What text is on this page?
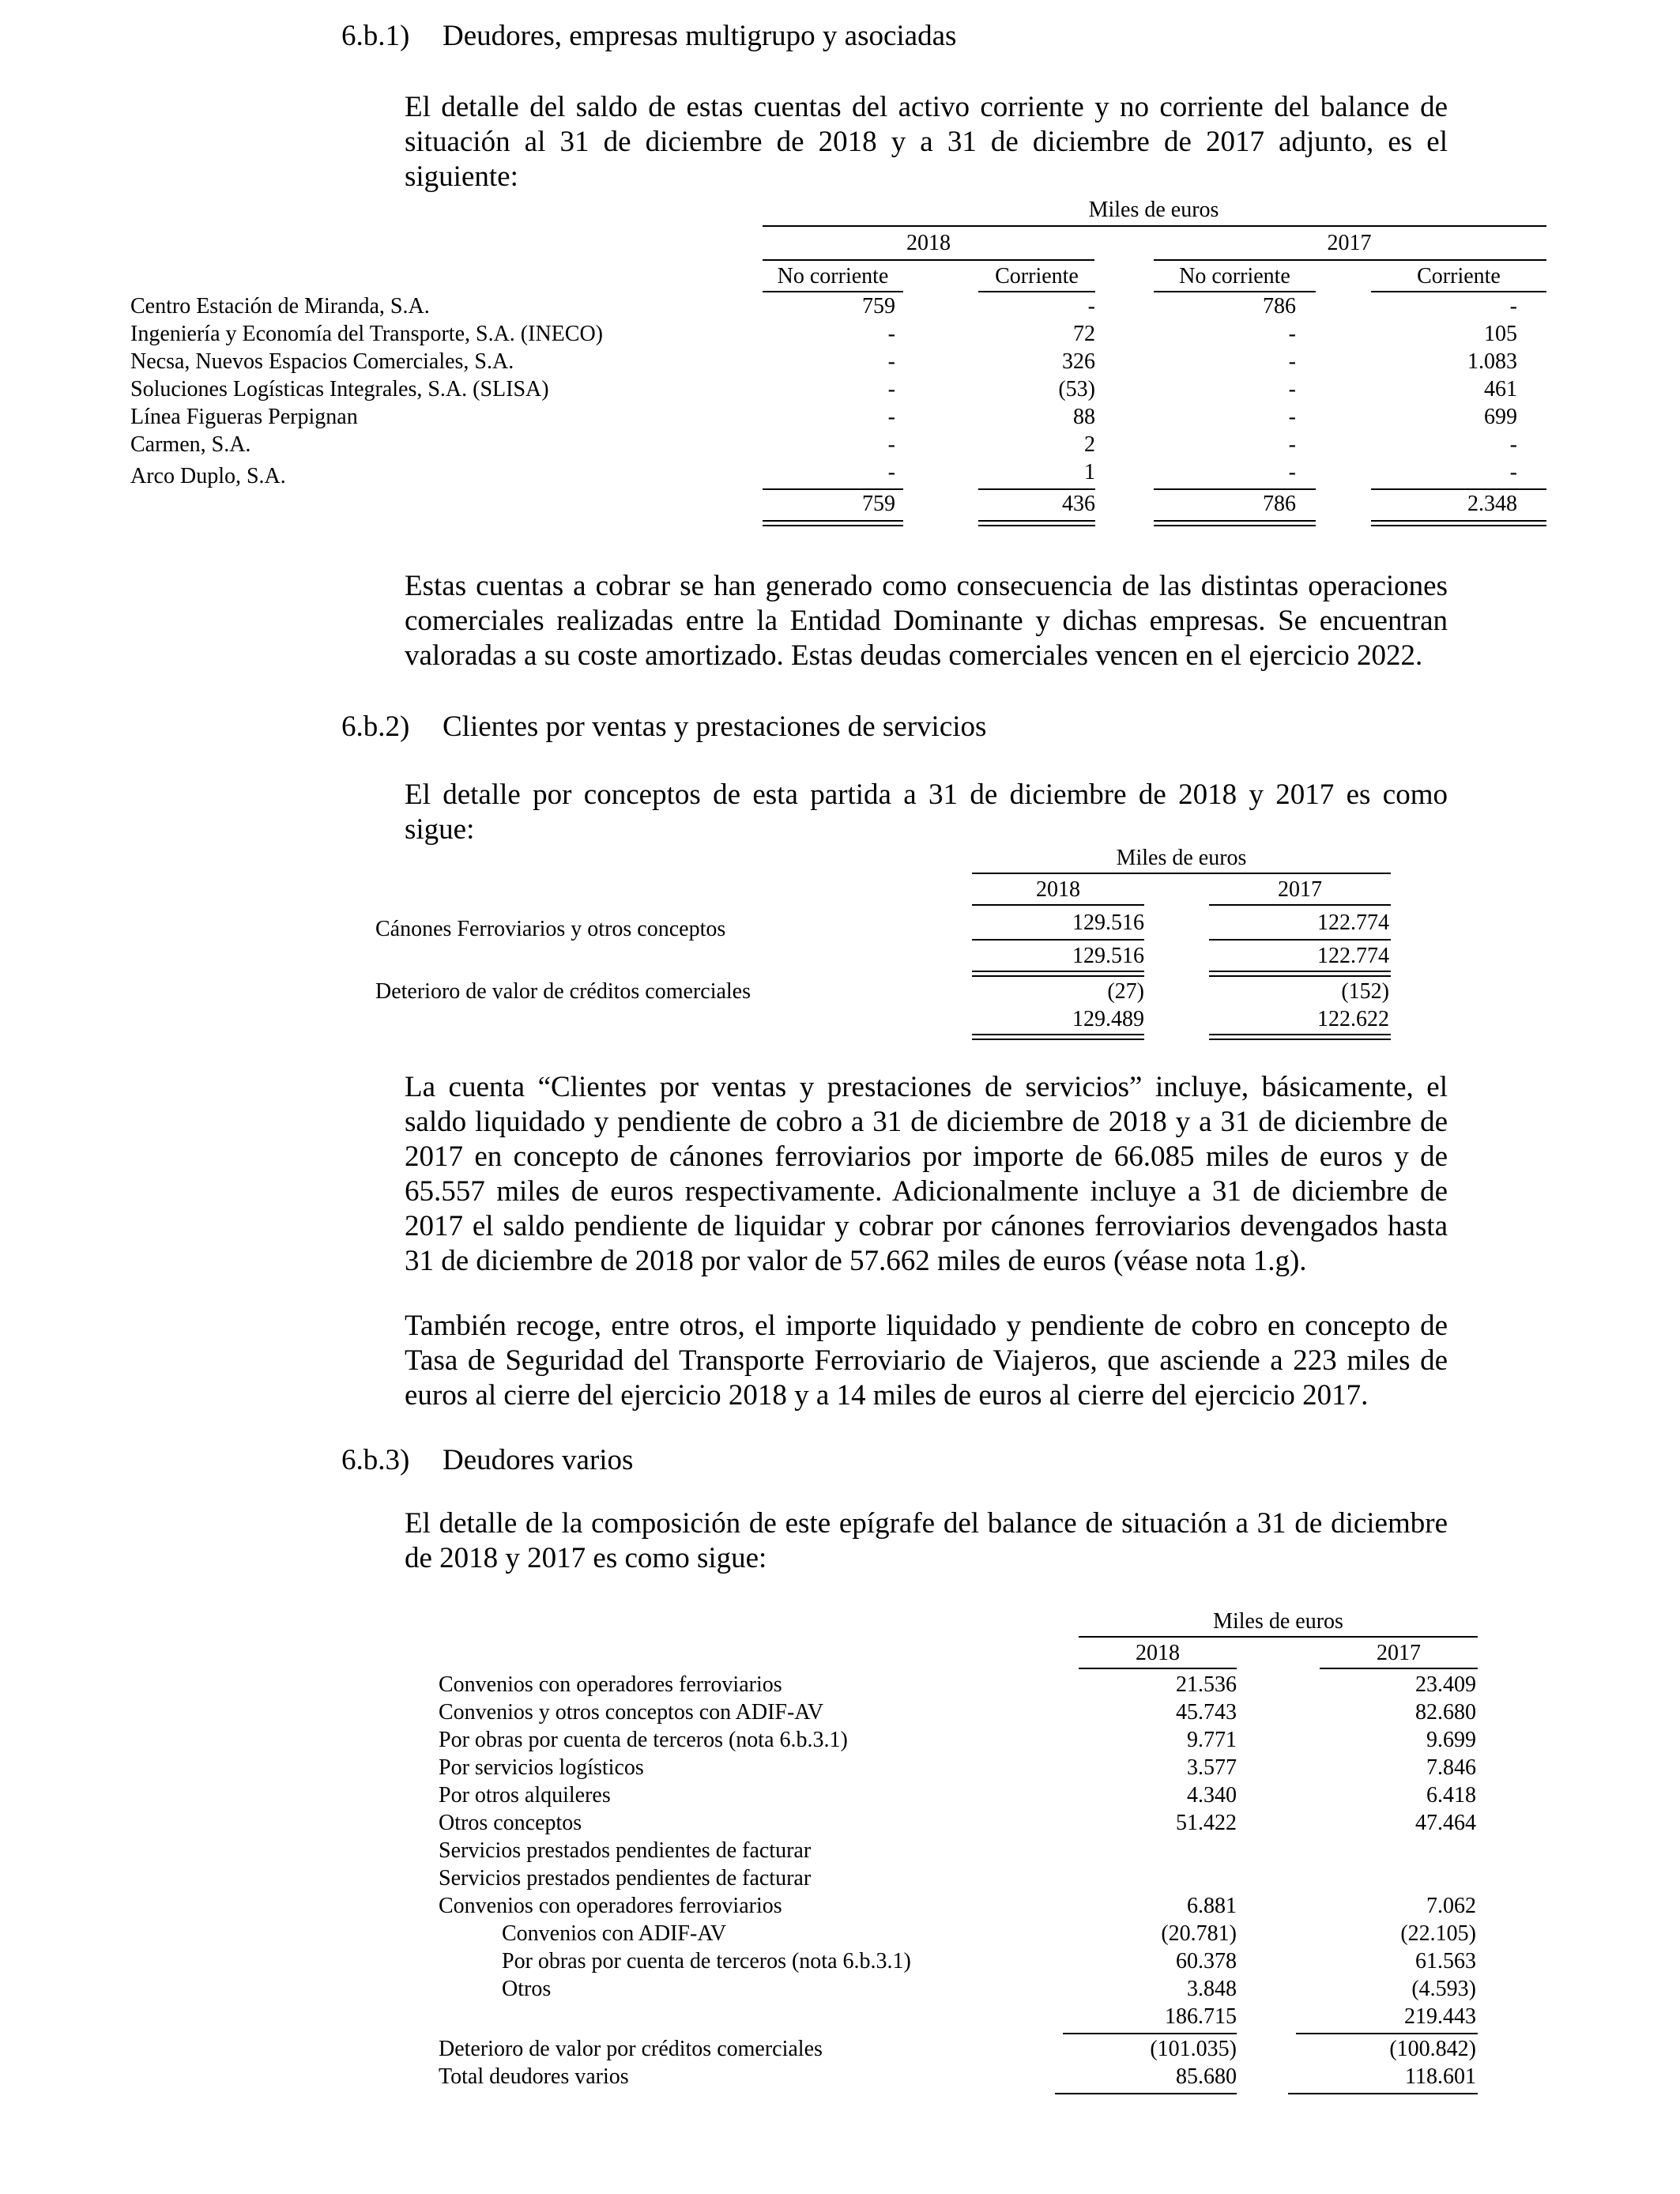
6.b.1) Deudores, empresas multigrupo y asociadas

El detalle del saldo de estas cuentas del activo corriente y no corriente del balance de situación al 31 de diciembre de 2018 y a 31 de diciembre de 2017 adjunto, es el siguiente:

Miles de euros
2018	2017
No corriente	Corriente	No corriente	Corriente
Centro Estación de Miranda, S.A.	759	-	786	-
Ingeniería y Economía del Transporte, S.A. (INECO)	-	72	-	105
Necsa, Nuevos Espacios Comerciales, S.A.	-	326	-	1.083
Soluciones Logísticas Integrales, S.A. (SLISA)	-	(53)	-	461
Línea Figueras Perpignan	-	88	-	699
Carmen, S.A.	-	2	-	-
Arco Duplo, S.A.	-	1	-	-
759	436	786	2.348

Estas cuentas a cobrar se han generado como consecuencia de las distintas operaciones comerciales realizadas entre la Entidad Dominante y dichas empresas. Se encuentran valoradas a su coste amortizado. Estas deudas comerciales vencen en el ejercicio 2022.

6.b.2) Clientes por ventas y prestaciones de servicios

El detalle por conceptos de esta partida a 31 de diciembre de 2018 y 2017 es como sigue:

Miles de euros
2018	2017
Cánones Ferroviarios y otros conceptos	129.516	122.774
129.516	122.774
Deterioro de valor de créditos comerciales	(27)	(152)
129.489	122.622

La cuenta “Clientes por ventas y prestaciones de servicios” incluye, básicamente, el saldo liquidado y pendiente de cobro a 31 de diciembre de 2018 y a 31 de diciembre de 2017 en concepto de cánones ferroviarios por importe de 66.085 miles de euros y de 65.557 miles de euros respectivamente. Adicionalmente incluye a 31 de diciembre de 2017 el saldo pendiente de liquidar y cobrar por cánones ferroviarios devengados hasta 31 de diciembre de 2018 por valor de 57.662 miles de euros (véase nota 1.g).

También recoge, entre otros, el importe liquidado y pendiente de cobro en concepto de Tasa de Seguridad del Transporte Ferroviario de Viajeros, que asciende a 223 miles de euros al cierre del ejercicio 2018 y a 14 miles de euros al cierre del ejercicio 2017.

6.b.3) Deudores varios

El detalle de la composición de este epígrafe del balance de situación a 31 de diciembre de 2018 y 2017 es como sigue:

Miles de euros
2018	2017
Convenios con operadores ferroviarios	21.536	23.409
Convenios y otros conceptos con ADIF-AV	45.743	82.680
Por obras por cuenta de terceros (nota 6.b.3.1)	9.771	9.699
Por servicios logísticos	3.577	7.846
Por otros alquileres	4.340	6.418
Otros conceptos	51.422	47.464
Servicios prestados pendientes de facturar
Servicios prestados pendientes de facturar
Convenios con operadores ferroviarios	6.881	7.062
Convenios con ADIF-AV	(20.781)	(22.105)
Por obras por cuenta de terceros (nota 6.b.3.1)	60.378	61.563
Otros	3.848	(4.593)
186.715	219.443
Deterioro de valor por créditos comerciales	(101.035)	(100.842)
Total deudores varios	85.680	118.601
